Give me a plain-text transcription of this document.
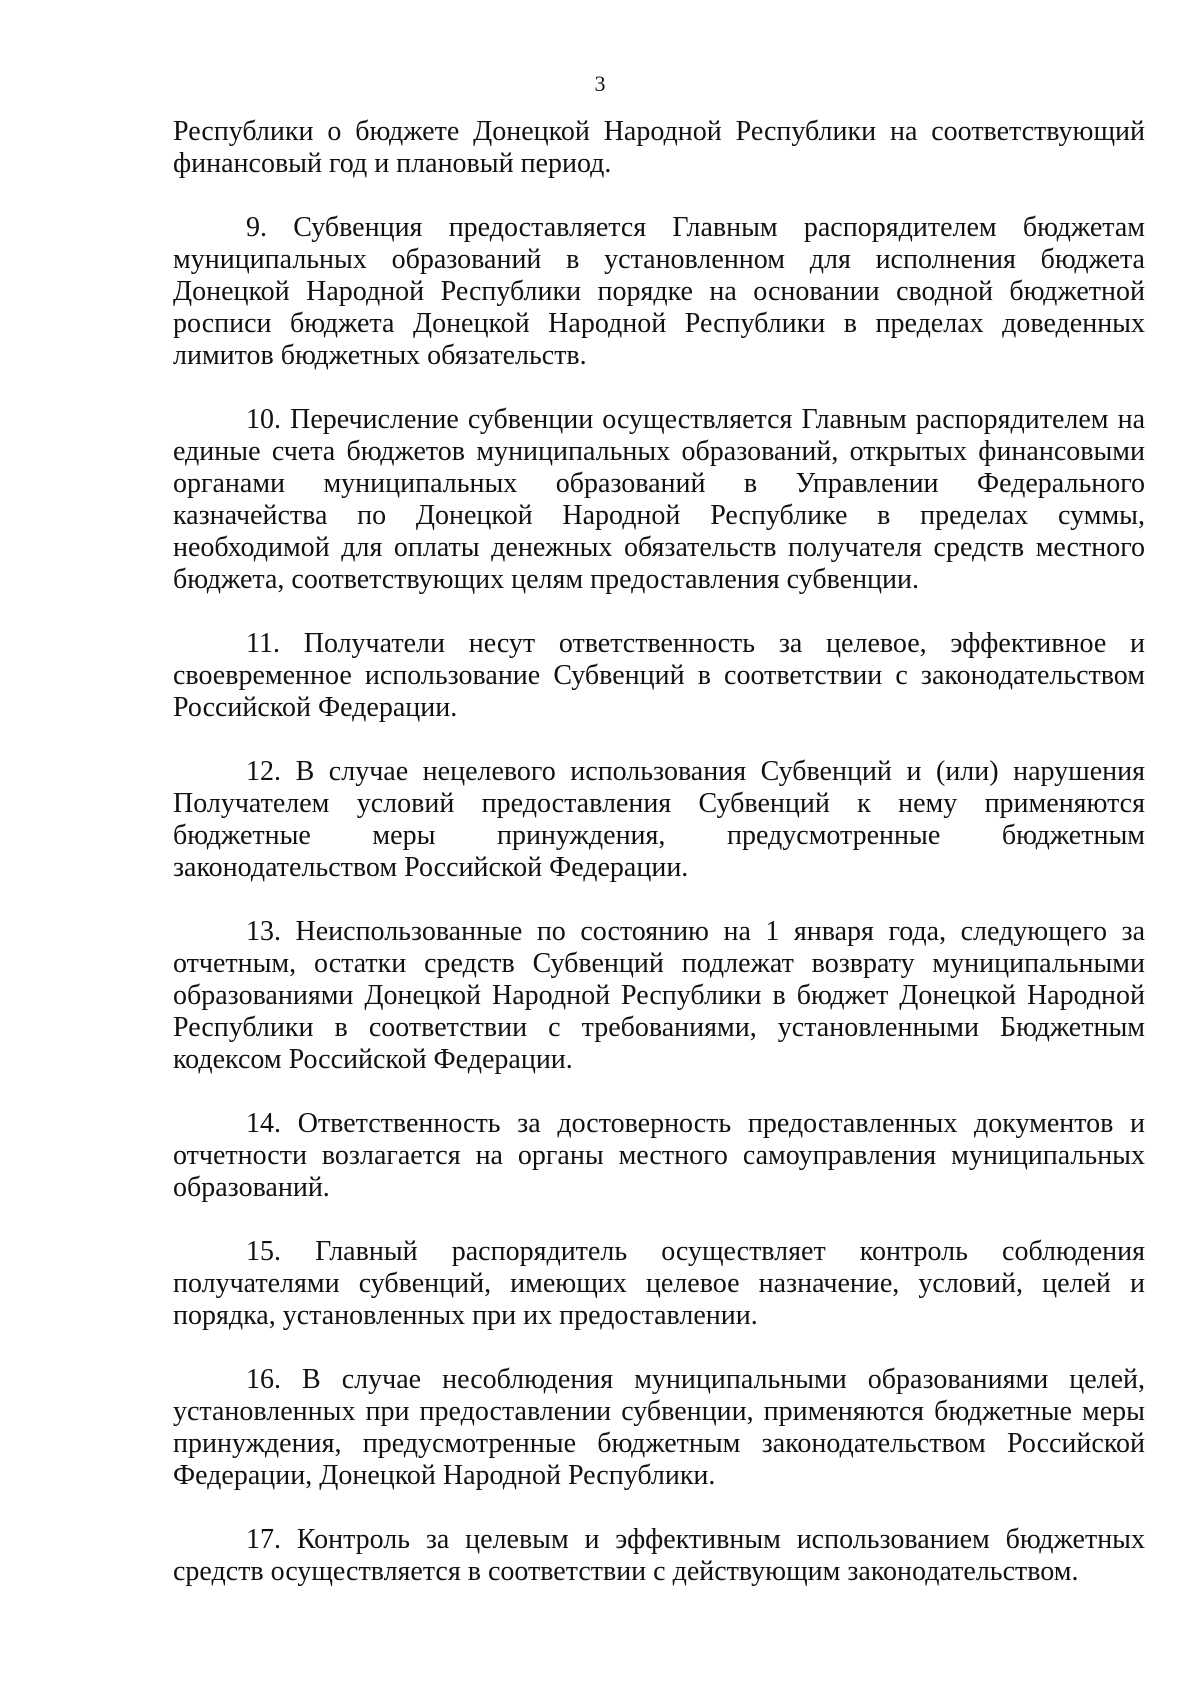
3

Республики о бюджете Донецкой Народной Республики на соответствующий финансовый год и плановый период.

9. Субвенция предоставляется Главным распорядителем бюджетам муниципальных образований в установленном для исполнения бюджета Донецкой Народной Республики порядке на основании сводной бюджетной росписи бюджета Донецкой Народной Республики в пределах доведенных лимитов бюджетных обязательств.

10. Перечисление субвенции осуществляется Главным распорядителем на единые счета бюджетов муниципальных образований, открытых финансовыми органами муниципальных образований в Управлении Федерального казначейства по Донецкой Народной Республике в пределах суммы, необходимой для оплаты денежных обязательств получателя средств местного бюджета, соответствующих целям предоставления субвенции.

11. Получатели несут ответственность за целевое, эффективное и своевременное использование Субвенций в соответствии с законодательством Российской Федерации.

12. В случае нецелевого использования Субвенций и (или) нарушения Получателем условий предоставления Субвенций к нему применяются бюджетные меры принуждения, предусмотренные бюджетным законодательством Российской Федерации.

13. Неиспользованные по состоянию на 1 января года, следующего за отчетным, остатки средств Субвенций подлежат возврату муниципальными образованиями Донецкой Народной Республики в бюджет Донецкой Народной Республики в соответствии с требованиями, установленными Бюджетным кодексом Российской Федерации.

14. Ответственность за достоверность предоставленных документов и отчетности возлагается на органы местного самоуправления муниципальных образований.

15. Главный распорядитель осуществляет контроль соблюдения получателями субвенций, имеющих целевое назначение, условий, целей и порядка, установленных при их предоставлении.

16. В случае несоблюдения муниципальными образованиями целей, установленных при предоставлении субвенции, применяются бюджетные меры принуждения, предусмотренные бюджетным законодательством Российской Федерации, Донецкой Народной Республики.

17. Контроль за целевым и эффективным использованием бюджетных средств осуществляется в соответствии с действующим законодательством.
